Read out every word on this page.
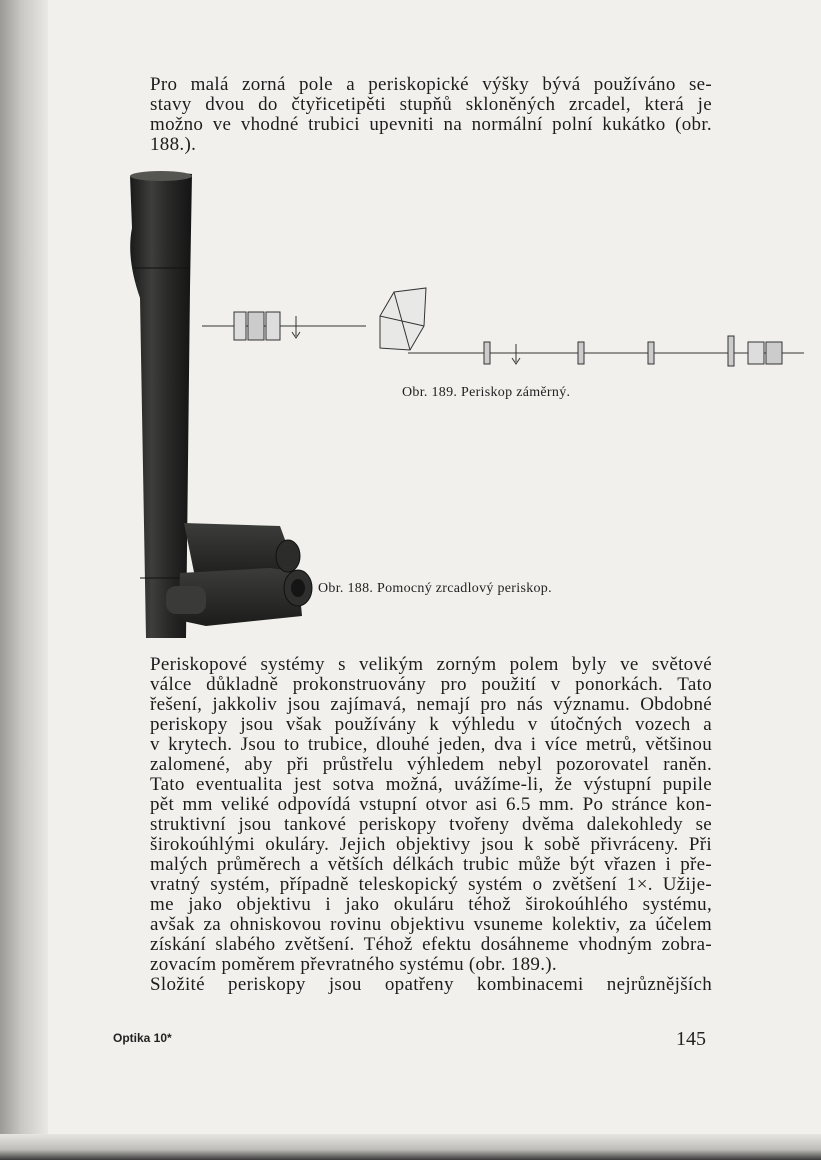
Pro malá zorná pole a periskopické výšky bývá používáno se-
stavy dvou do čtyřicetipěti stupňů skloněných zrcadel, která je
možno ve vhodné trubici upevniti na normální polní kukátko (obr.
188.).
Obr. 189. Periskop záměrný.
Obr. 188. Pomocný zrcadlový periskop.
Periskopové systémy s velikým zorným polem byly ve světové
válce důkladně prokonstruovány pro použití v ponorkách. Tato
řešení, jakkoliv jsou zajímavá, nemají pro nás významu. Obdobné
periskopy jsou však používány k výhledu v útočných vozech a
v krytech. Jsou to trubice, dlouhé jeden, dva i více metrů, většinou
zalomené, aby při průstřelu výhledem nebyl pozorovatel raněn.
Tato eventualita jest sotva možná, uvážíme-li, že výstupní pupile
pět mm veliké odpovídá vstupní otvor asi 6.5 mm. Po stránce kon-
struktivní jsou tankové periskopy tvořeny dvěma dalekohledy se
širokoúhlými okuláry. Jejich objektivy jsou k sobě přivráceny. Při
malých průměrech a větších délkách trubic může být vřazen i pře-
vratný systém, případně teleskopický systém o zvětšení 1×. Užije-
me jako objektivu i jako okuláru téhož širokoúhlého systému,
avšak za ohniskovou rovinu objektivu vsuneme kolektiv, za účelem
získání slabého zvětšení. Téhož efektu dosáhneme vhodným zobra-
zovacím poměrem převratného systému (obr. 189.).
Složité periskopy jsou opatřeny kombinacemi nejrůznějších
Optika 10*	145
